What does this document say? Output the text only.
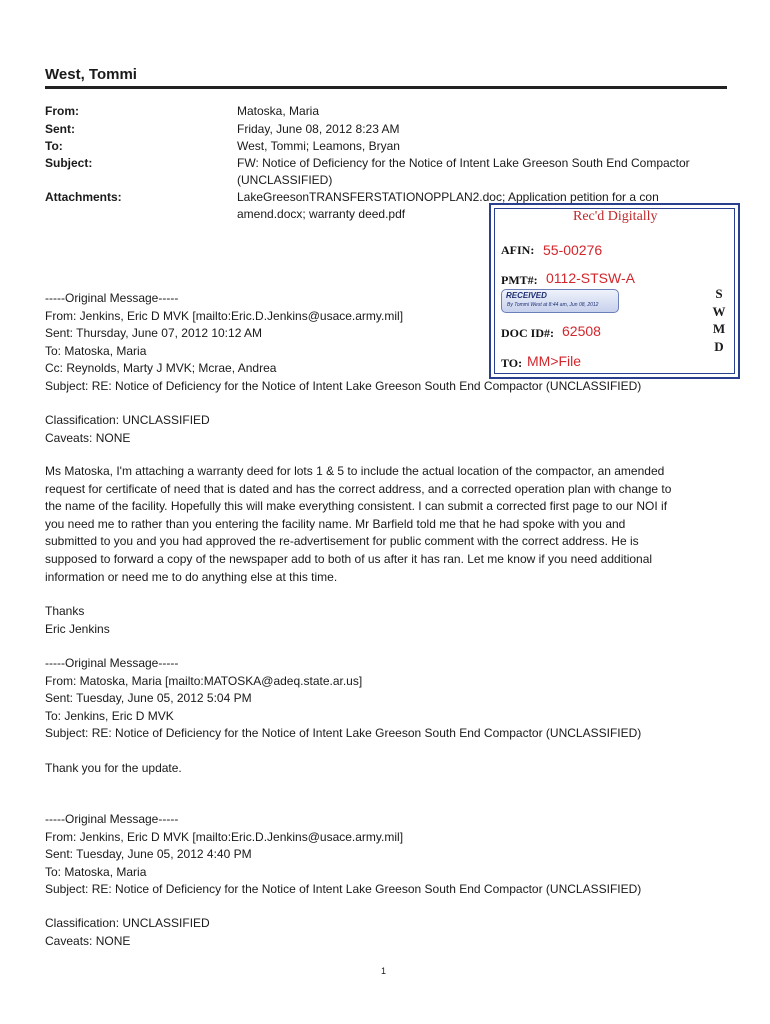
West, Tommi
From:	Matoska, Maria
Sent:	Friday, June 08, 2012 8:23 AM
To:	West, Tommi; Leamons, Bryan
Subject:	FW: Notice of Deficiency for the Notice of Intent Lake Greeson South End Compactor
(UNCLASSIFIED)
Attachments:	LakeGreesonTRANSFERSTATIONOPPLAN2.doc; Application petition for a con
amend.docx; warranty deed.pdf	Rec'd Digitally
AFIN: 55-00276
PMT#: 0112-STSW-A
RECEIVED
By Tommi West at 8:44 am, Jun 08, 2012
DOC ID#: 62508
TO: MM>File
S
W
M
D
-----Original Message-----
From: Jenkins, Eric D MVK [mailto:Eric.D.Jenkins@usace.army.mil]
Sent: Thursday, June 07, 2012 10:12 AM
To: Matoska, Maria
Cc: Reynolds, Marty J MVK; Mcrae, Andrea
Subject: RE: Notice of Deficiency for the Notice of Intent Lake Greeson South End Compactor (UNCLASSIFIED)
Classification: UNCLASSIFIED
Caveats: NONE
Ms Matoska, I'm attaching a warranty deed for lots 1 & 5 to include the actual location of the compactor, an amended
request for certificate of need that is dated and has the correct address, and a corrected operation plan with change to
the name of the facility. Hopefully this will make everything consistent. I can submit a corrected first page to our NOI if
you need me to rather than you entering the facility name. Mr Barfield told me that he had spoke with you and
submitted to you and you had approved the re-advertisement for public comment with the correct address. He is
supposed to forward a copy of the newspaper add to both of us after it has ran. Let me know if you need additional
information or need me to do anything else at this time.
Thanks
Eric Jenkins
-----Original Message-----
From: Matoska, Maria [mailto:MATOSKA@adeq.state.ar.us]
Sent: Tuesday, June 05, 2012 5:04 PM
To: Jenkins, Eric D MVK
Subject: RE: Notice of Deficiency for the Notice of Intent Lake Greeson South End Compactor (UNCLASSIFIED)
Thank you for the update.
-----Original Message-----
From: Jenkins, Eric D MVK [mailto:Eric.D.Jenkins@usace.army.mil]
Sent: Tuesday, June 05, 2012 4:40 PM
To: Matoska, Maria
Subject: RE: Notice of Deficiency for the Notice of Intent Lake Greeson South End Compactor (UNCLASSIFIED)
Classification: UNCLASSIFIED
Caveats: NONE
1
